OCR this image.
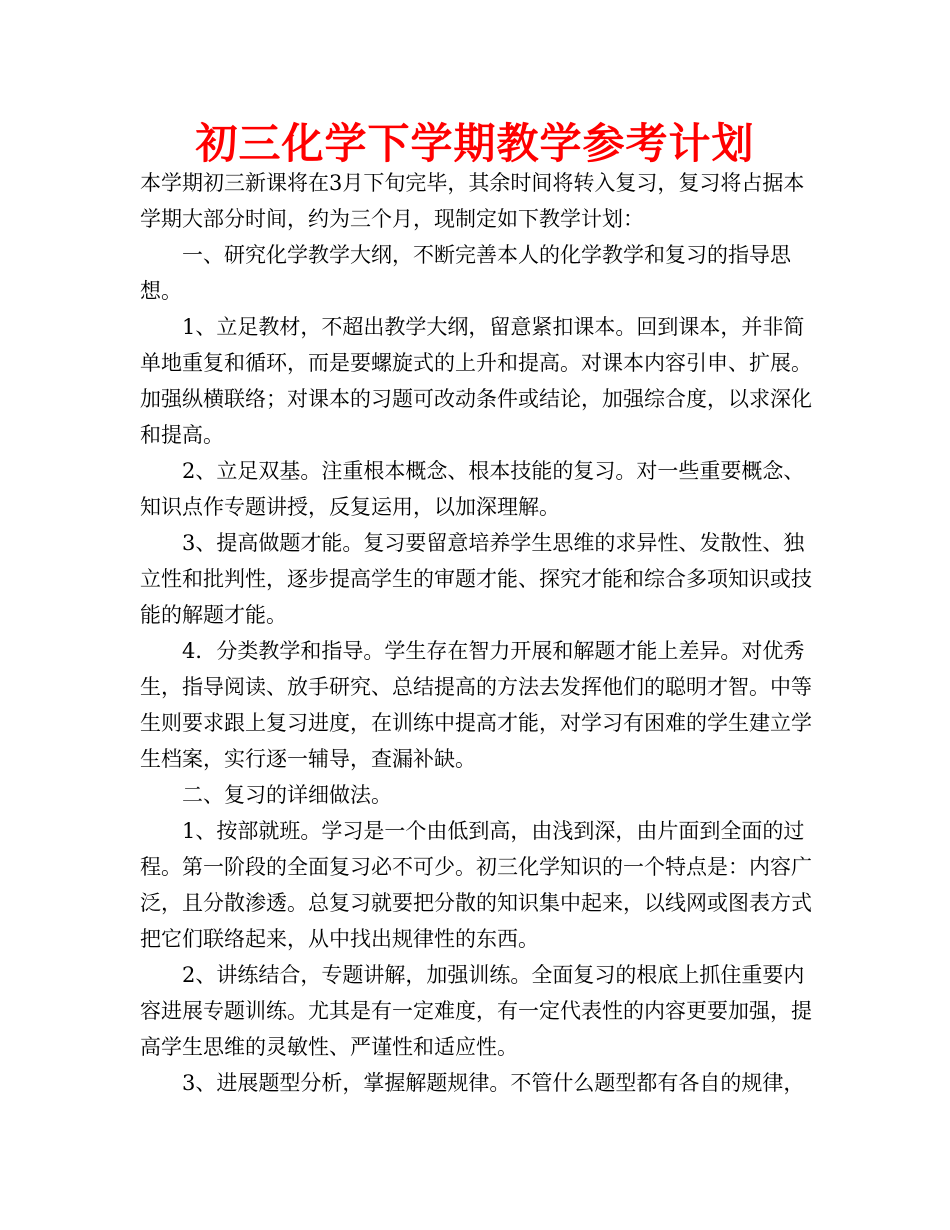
初三化学下学期教学参考计划

本学期初三新课将在3月下旬完毕，其余时间将转入复习，复习将占据本学期大部分时间，约为三个月，现制定如下教学计划：

一、研究化学教学大纲，不断完善本人的化学教学和复习的指导思想。

1、立足教材，不超出教学大纲，留意紧扣课本。回到课本，并非简单地重复和循环，而是要螺旋式的上升和提高。对课本内容引申、扩展。加强纵横联络；对课本的习题可改动条件或结论，加强综合度，以求深化和提高。

2、立足双基。注重根本概念、根本技能的复习。对一些重要概念、知识点作专题讲授，反复运用，以加深理解。

3、提高做题才能。复习要留意培养学生思维的求异性、发散性、独立性和批判性，逐步提高学生的审题才能、探究才能和综合多项知识或技能的解题才能。

4．分类教学和指导。学生存在智力开展和解题才能上差异。对优秀生，指导阅读、放手研究、总结提高的方法去发挥他们的聪明才智。中等生则要求跟上复习进度，在训练中提高才能，对学习有困难的学生建立学生档案，实行逐一辅导，查漏补缺。

二、复习的详细做法。

1、按部就班。学习是一个由低到高，由浅到深，由片面到全面的过程。第一阶段的全面复习必不可少。初三化学知识的一个特点是：内容广泛，且分散渗透。总复习就要把分散的知识集中起来，以线网或图表方式把它们联络起来，从中找出规律性的东西。

2、讲练结合，专题讲解，加强训练。全面复习的根底上抓住重要内容进展专题训练。尤其是有一定难度，有一定代表性的内容更要加强，提高学生思维的灵敏性、严谨性和适应性。

3、进展题型分析，掌握解题规律。不管什么题型都有各自的规律，
